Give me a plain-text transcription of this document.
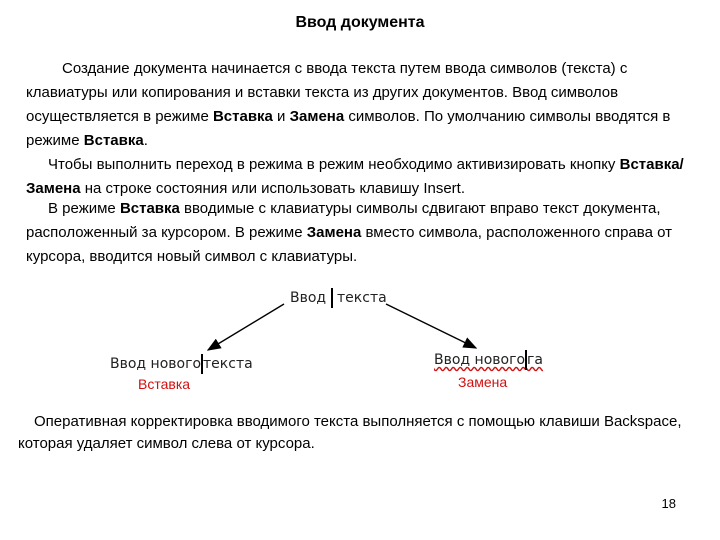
Ввод документа

Создание документа начинается с ввода текста путем ввода символов (текста) с клавиатуры или копирования и вставки текста из других документов. Ввод символов осуществляется в режиме Вставка и Замена символов. По умолчанию символы вводятся в режиме Вставка.

Чтобы выполнить переход в режима в режим необходимо активизировать кнопку Вставка/Замена на строке состояния или использовать клавишу Insert.

В режиме Вставка вводимые с клавиатуры символы сдвигают вправо текст документа, расположенный за курсором. В режиме Замена вместо символа, расположенного справа от курсора, вводится новый символ с клавиатуры.

Ввод текста
Ввод нового текста
Вставка
Ввод нового га
Замена

Оперативная корректировка вводимого текста выполняется с помощью клавиши Backspace, которая удаляет символ слева от курсора.

18
